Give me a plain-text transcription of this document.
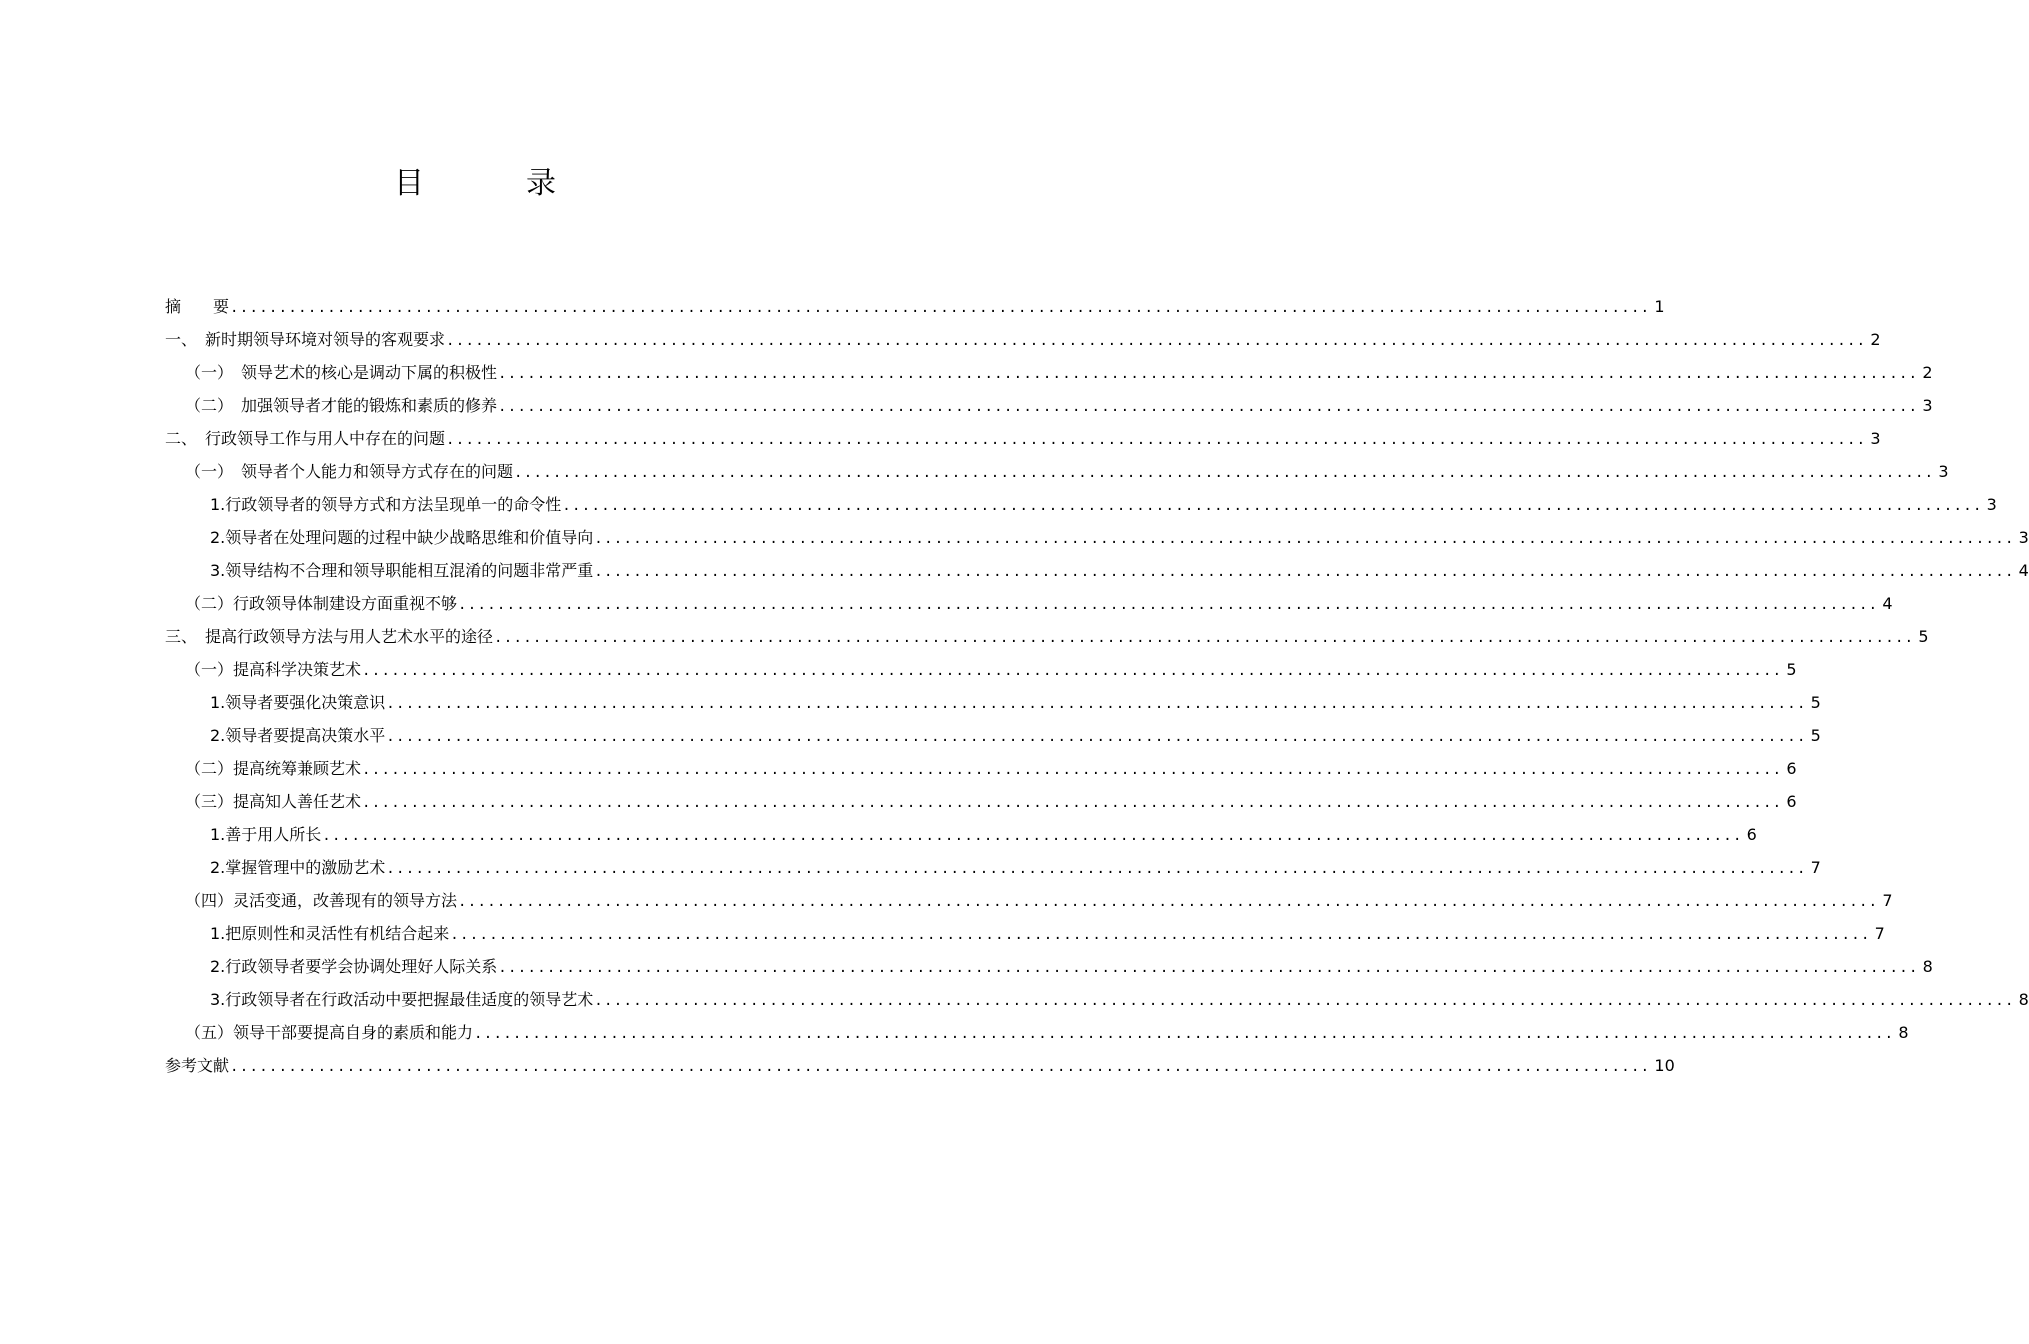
目　录
摘　　要 .................................................................................................................................................. 1
一、　新时期领导环境对领导的客观要求 .................................................................................................................................................. 2
（一）　领导艺术的核心是调动下属的积极性 .................................................................................................................................................. 2
（二）　加强领导者才能的锻炼和素质的修养 .................................................................................................................................................. 3
二、　行政领导工作与用人中存在的问题 .................................................................................................................................................. 3
（一）　领导者个人能力和领导方式存在的问题 .................................................................................................................................................. 3
1.行政领导者的领导方式和方法呈现单一的命令性 .................................................................................................................................................. 3
2.领导者在处理问题的过程中缺少战略思维和价值导向 .................................................................................................................................................. 3
3.领导结构不合理和领导职能相互混淆的问题非常严重 .................................................................................................................................................. 4
（二）行政领导体制建设方面重视不够 .................................................................................................................................................. 4
三、　提高行政领导方法与用人艺术水平的途径 .................................................................................................................................................. 5
（一）提高科学决策艺术 .................................................................................................................................................. 5
1.领导者要强化决策意识 .................................................................................................................................................. 5
2.领导者要提高决策水平 .................................................................................................................................................. 5
（二）提高统筹兼顾艺术 .................................................................................................................................................. 6
（三）提高知人善任艺术 .................................................................................................................................................. 6
1.善于用人所长 .................................................................................................................................................. 6
2.掌握管理中的激励艺术 .................................................................................................................................................. 7
（四）灵活变通，改善现有的领导方法 .................................................................................................................................................. 7
1.把原则性和灵活性有机结合起来 .................................................................................................................................................. 7
2.行政领导者要学会协调处理好人际关系 .................................................................................................................................................. 8
3.行政领导者在行政活动中要把握最佳适度的领导艺术 .................................................................................................................................................. 8
（五）领导干部要提高自身的素质和能力 .................................................................................................................................................. 8
参考文献 .................................................................................................................................................. 10
